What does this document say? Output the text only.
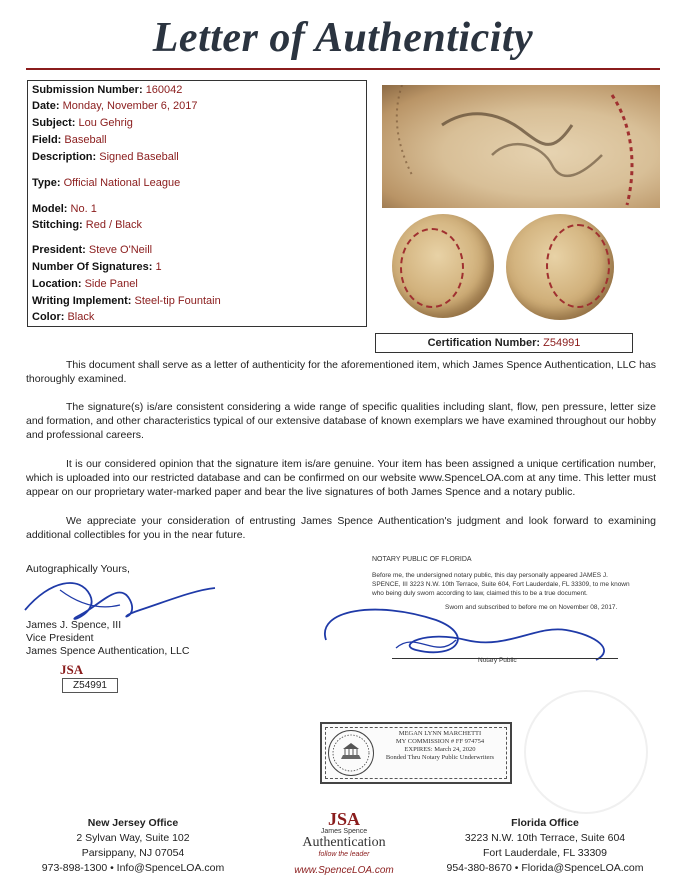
Letter of Authenticity
Submission Number: 160042
Date: Monday, November 6, 2017
Subject: Lou Gehrig
Field: Baseball
Description: Signed Baseball
Type: Official National League
Model: No. 1
Stitching: Red / Black
President: Steve O'Neill
Number Of Signatures: 1
Location: Side Panel
Writing Implement: Steel-tip Fountain
Color: Black
Certification Number: Z54991
This document shall serve as a letter of authenticity for the aforementioned item, which James Spence Authentication, LLC has thoroughly examined.
The signature(s) is/are consistent considering a wide range of specific qualities including slant, flow, pen pressure, letter size and formation, and other characteristics typical of our extensive database of known exemplars we have examined throughout our hobby and professional careers.
It is our considered opinion that the signature item is/are genuine. Your item has been assigned a unique certification number, which is uploaded into our restricted database and can be confirmed on our website www.SpenceLOA.com at any time. This letter must appear on our proprietary water-marked paper and bear the live signatures of both James Spence and a notary public.
We appreciate your consideration of entrusting James Spence Authentication's judgment and look forward to examining additional collectibles for you in the near future.
Autographically Yours,
James J. Spence, III
Vice President
James Spence Authentication, LLC
JSA
Z54991
NOTARY PUBLIC OF FLORIDA
Before me, the undersigned notary public, this day personally appeared JAMES J. SPENCE, III 3223 N.W. 10th Terrace, Suite 604, Fort Lauderdale, FL 33309, to me known who being duly sworn according to law, claimed this to be a true document.
Sworn and subscribed to before me on November 08, 2017.
Notary Public
MEGAN LYNN MARCHETTI
MY COMMISSION # FF 974754
EXPIRES: March 24, 2020
Bonded Thru Notary Public Underwriters
New Jersey Office
2 Sylvan Way, Suite 102
Parsippany, NJ 07054
973-898-1300 • Info@SpenceLOA.com
JSA
James Spence
Authentication
follow the leader
www.SpenceLOA.com
Florida Office
3223 N.W. 10th Terrace, Suite 604
Fort Lauderdale, FL 33309
954-380-8670 • Florida@SpenceLOA.com
